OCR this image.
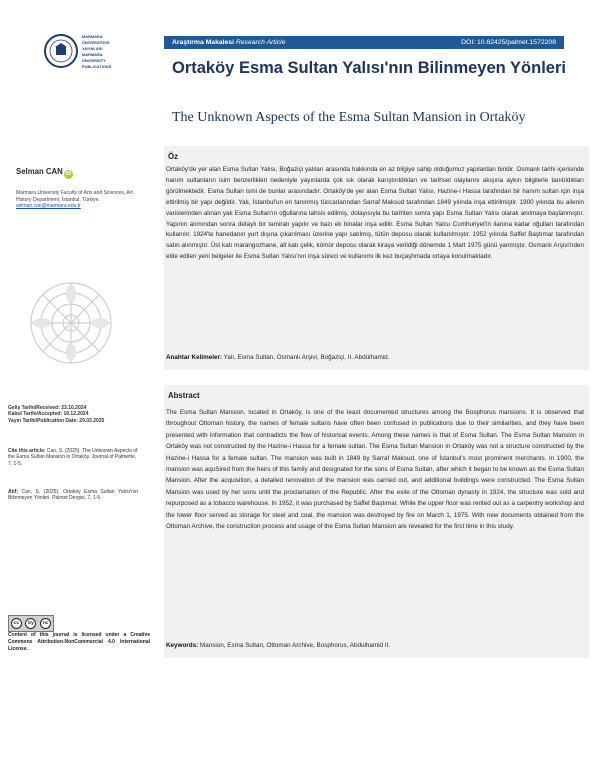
MARMARA
ÜNİVERSİTESİ
YAYINLARI
MARMARA
UNIVERSITY
PUBLICATIONS
Selman CAN iD
Marmara University Faculty of Arts and Sciences, Art History Department, İstanbul, Türkiye.
selman.can@marmara.edu.tr
Geliş Tarihi/Received: 23.10.2024
Kabul Tarihi/Accepted: 16.12.2024
Yayın Tarihi/Publication Date: 29.03.2025
Cite this article: Can, S. (2025). The Unknown Aspects of the Esma Sultan Mansion in Ortaköy. Journal of Palmette, 7, 1-5.
Atıf: Can, S. (2025). Ortaköy Esma Sultan Yalısı'nın Bilinmeyen Yönleri. Palmet Dergisi, 7, 1-5.
cc	by	nc
Content of this journal is licensed under a Creative Commons Attribution-NonCommercial 4.0 International License.
Araştırma Makalesi Research Article	DOI: 10.62425/palmet.1572208
Ortaköy Esma Sultan Yalısı'nın Bilinmeyen Yönleri
The Unknown Aspects of the Esma Sultan Mansion in Ortaköy
Öz
Ortaköy'de yer alan Esma Sultan Yalısı, Boğaziçi yalıları arasında hakkında en az bilgiye sahip olduğumuz yapılardan biridir. Osmanlı tarihi içerisinde hanım sultanların isim benzerlikleri nedeniyle yayınlarda çok sık olarak karıştırıldıkları ve tarihsel olaylarını akışına aykırı bilgilerle tanıtıldıkları görülmektedir. Esma Sultan ismi de bunlar arasındadır. Ortaköy'de yer alan Esma Sultan Yalısı, Hazine-i Hassa tarafından bir hanım sultan için inşa ettirilmiş bir yapı değildir. Yalı, İstanbul'un en tanınmış tüccarlarından Sarraf Maksud tarafından 1849 yılında inşa ettirilmiştir. 1900 yılında bu ailenin varislerinden alınan yalı Esma Sultan'ın oğullarına tahsis edilmiş, dolayısıyla bu tarihten sonra yapı Esma Sultan Yalısı olarak anılmaya başlanmıştır. Yapının alımından sonra detaylı bir tamiratı yapılır ve bazı ek binalar inşa edilir. Esma Sultan Yalısı Cumhuriyet'in ilanına kadar oğulları tarafından kullanılır. 1924'te hanedanın yurt dışına çıkarılması üzerine yapı satılmış, tütün deposu olarak kullanılmıştır. 1952 yılında Saffet Baştımar tarafından satın alınmıştır. Üst katı marangozhane, alt katı çelik, kömür deposu olarak kiraya verildiği dönemde 1 Mart 1975 günü yanmıştır. Osmanlı Arşivi'nden elde edilen yeni belgeler ile Esma Sultan Yalısı'nın inşa süreci ve kullanımı ilk kez buçaşhmada ortaya konulmaktadır.
Anahtar Kelimeler: Yalı, Esma Sultan, Osmanlı Arşivi, Boğaziçi, II. Abdülhamid.
Abstract
The Esma Sultan Mansion, located in Ortaköy, is one of the least documented structures among the Bosphorus mansions. It is observed that throughout Ottoman history, the names of female sultans have often been confused in publications due to their similarities, and they have been presented with information that contradicts the flow of historical events. Among these names is that of Esma Sultan. The Esma Sultan Mansion in Ortaköy was not constructed by the Hazine-i Hassa for a female sultan. The Esma Sultan Mansion in Ortaköy was not a structure constructed by the Hazine-i Hassa for a female sultan. The mansion was built in 1849 by Sarraf Maksud, one of İstanbul's most prominent merchants. In 1900, the mansion was aquSired from the heirs of this family and designated for the sons of Esma Sultan, after which it began to be known as the Esma Sultan Mansion. After the acquisition, a detailed renovation of the mansion was carried out, and additional buildings were constructed. The Esma Sultan Mansion was used by her sons until the proclamation of the Republic. After the exile of the Ottoman dynasty in 1924, the structure was sold and repurposed as a tobacco warehouse. In 1952, it was purchased by Saffet Baştımar. While the upper floor was rented out as a carpentry workshop and the lower floor served as storage for steel and coal, the mansion was destroyed by fire on March 1, 1975. With new documents obtained from the Ottoman Archive, the construction process and usage of the Esma Sultan Mansion are revealed for the first time in this study.
Keywords: Mansion, Esma Sultan, Ottoman Archive, Bosphorus, Abdulhamid II.
